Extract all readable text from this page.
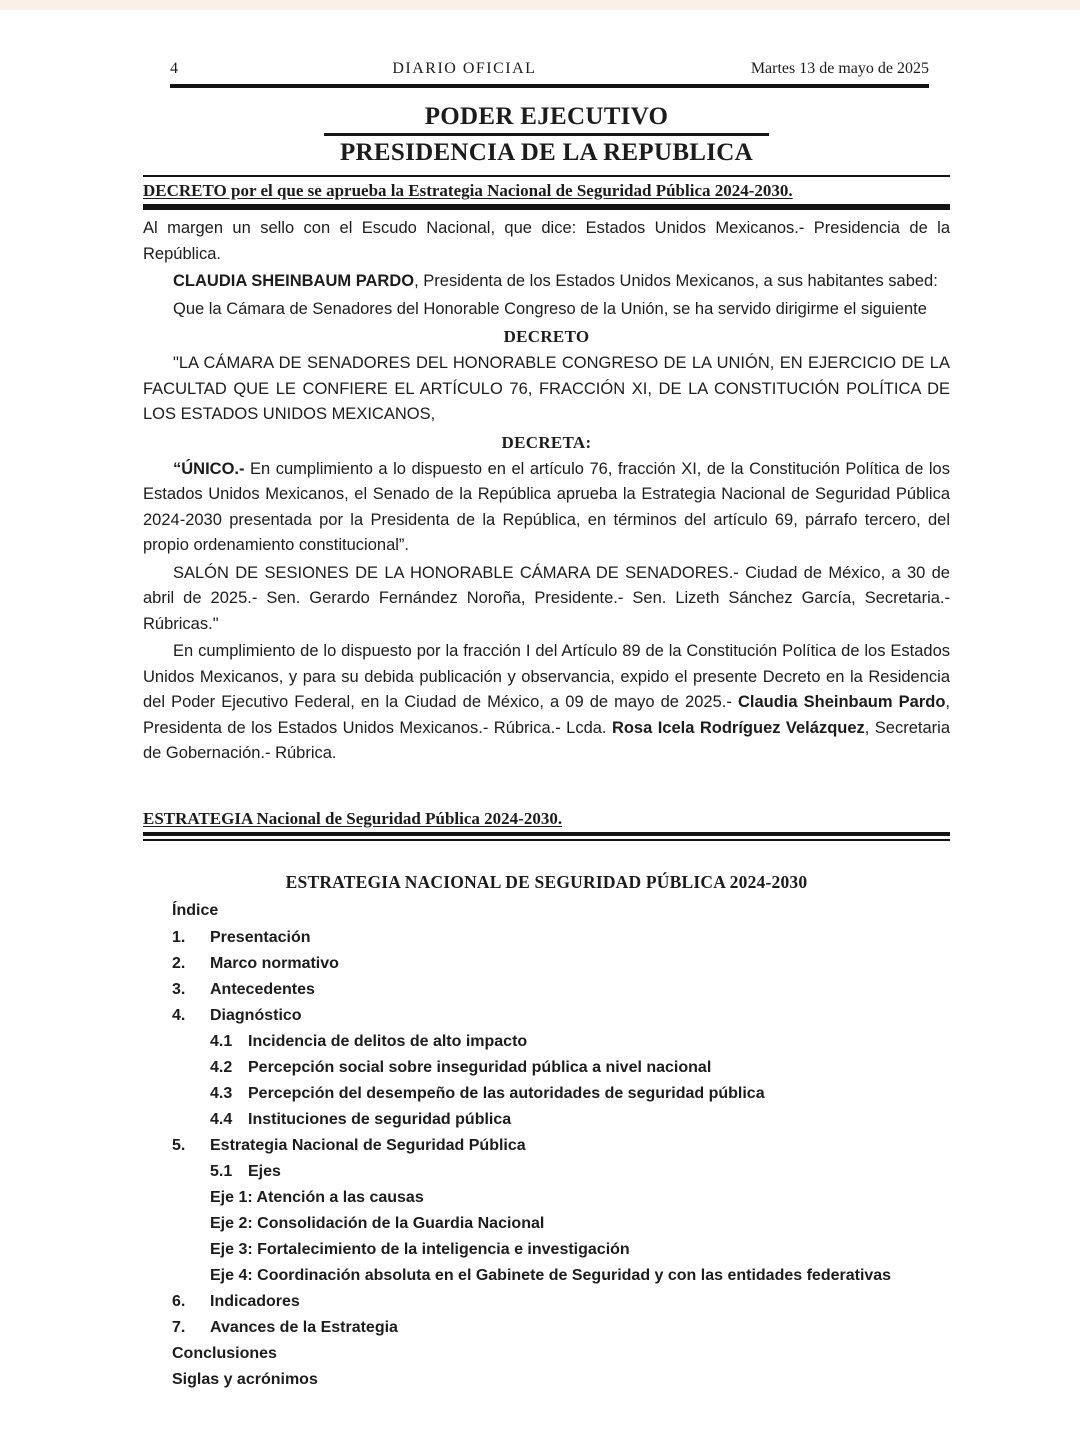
4	DIARIO OFICIAL	Martes 13 de mayo de 2025
PODER EJECUTIVO
PRESIDENCIA DE LA REPUBLICA
DECRETO por el que se aprueba la Estrategia Nacional de Seguridad Pública 2024-2030.

Al margen un sello con el Escudo Nacional, que dice: Estados Unidos Mexicanos.- Presidencia de la República.

CLAUDIA SHEINBAUM PARDO, Presidenta de los Estados Unidos Mexicanos, a sus habitantes sabed:

Que la Cámara de Senadores del Honorable Congreso de la Unión, se ha servido dirigirme el siguiente

DECRETO

"LA CÁMARA DE SENADORES DEL HONORABLE CONGRESO DE LA UNIÓN, EN EJERCICIO DE LA FACULTAD QUE LE CONFIERE EL ARTÍCULO 76, FRACCIÓN XI, DE LA CONSTITUCIÓN POLÍTICA DE LOS ESTADOS UNIDOS MEXICANOS,

DECRETA:

“ÚNICO.- En cumplimiento a lo dispuesto en el artículo 76, fracción XI, de la Constitución Política de los Estados Unidos Mexicanos, el Senado de la República aprueba la Estrategia Nacional de Seguridad Pública 2024-2030 presentada por la Presidenta de la República, en términos del artículo 69, párrafo tercero, del propio ordenamiento constitucional”.

SALÓN DE SESIONES DE LA HONORABLE CÁMARA DE SENADORES.- Ciudad de México, a 30 de abril de 2025.- Sen. Gerardo Fernández Noroña, Presidente.- Sen. Lizeth Sánchez García, Secretaria.- Rúbricas."

En cumplimiento de lo dispuesto por la fracción I del Artículo 89 de la Constitución Política de los Estados Unidos Mexicanos, y para su debida publicación y observancia, expido el presente Decreto en la Residencia del Poder Ejecutivo Federal, en la Ciudad de México, a 09 de mayo de 2025.- Claudia Sheinbaum Pardo, Presidenta de los Estados Unidos Mexicanos.- Rúbrica.- Lcda. Rosa Icela Rodríguez Velázquez, Secretaria de Gobernación.- Rúbrica.

ESTRATEGIA Nacional de Seguridad Pública 2024-2030.
ESTRATEGIA NACIONAL DE SEGURIDAD PÚBLICA 2024-2030
Índice
1. Presentación
2. Marco normativo
3. Antecedentes
4. Diagnóstico
4.1 Incidencia de delitos de alto impacto
4.2 Percepción social sobre inseguridad pública a nivel nacional
4.3 Percepción del desempeño de las autoridades de seguridad pública
4.4 Instituciones de seguridad pública
5. Estrategia Nacional de Seguridad Pública
5.1 Ejes
Eje 1: Atención a las causas
Eje 2: Consolidación de la Guardia Nacional
Eje 3: Fortalecimiento de la inteligencia e investigación
Eje 4: Coordinación absoluta en el Gabinete de Seguridad y con las entidades federativas
6. Indicadores
7. Avances de la Estrategia
Conclusiones
Siglas y acrónimos
